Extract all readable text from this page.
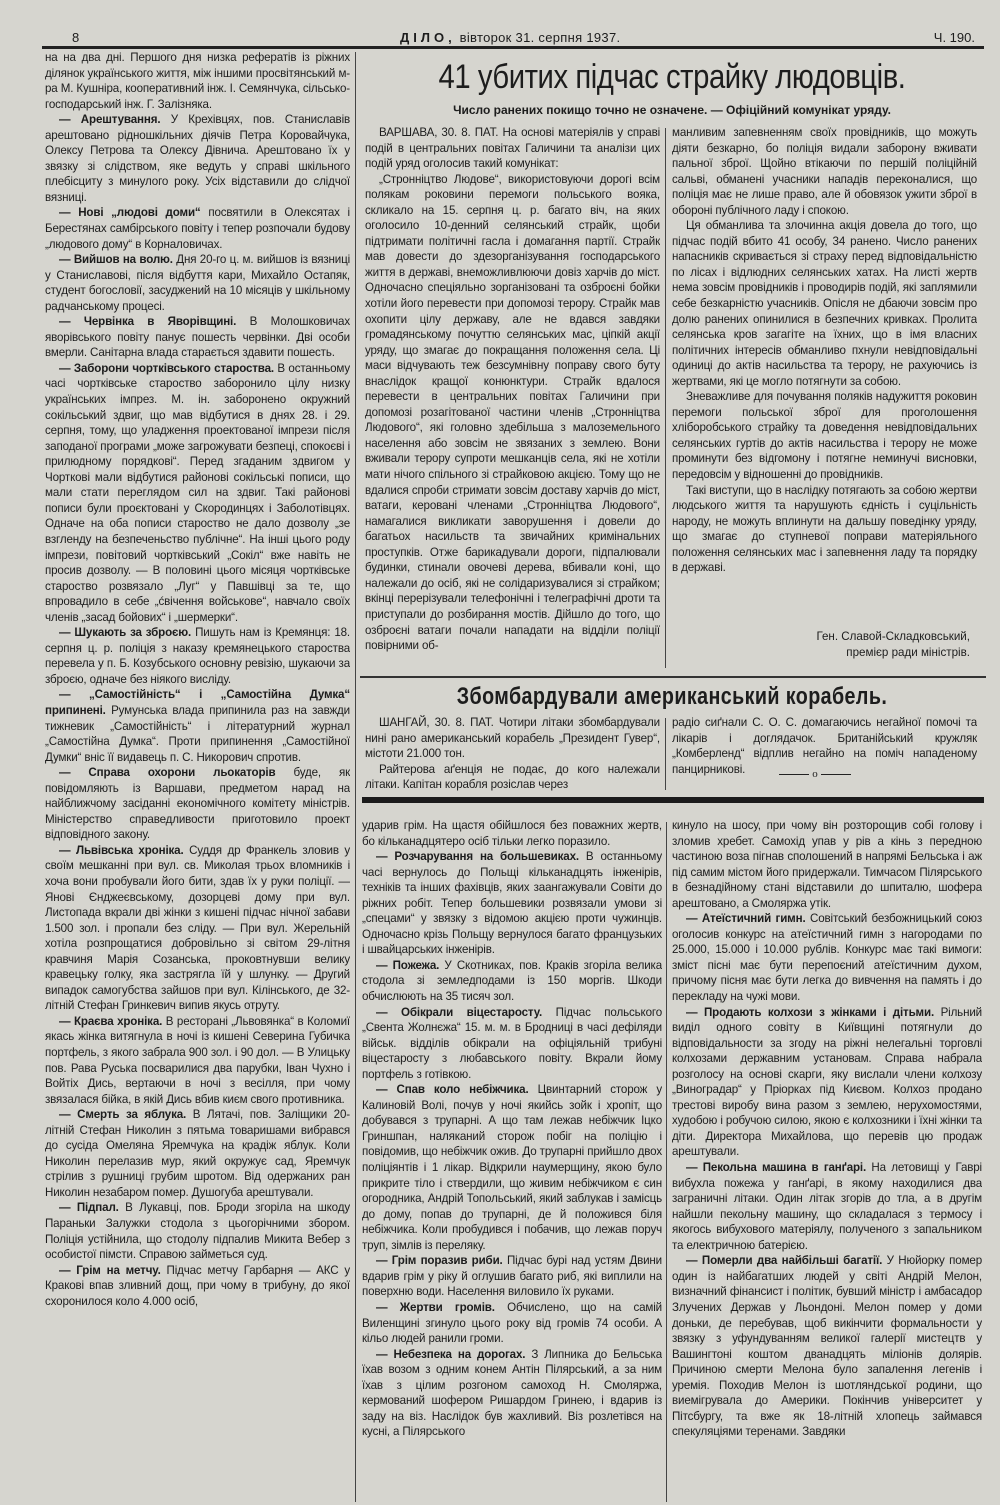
8	ДІЛО, вівторок 31. серпня 1937.	Ч. 190.

на на два дні. Першого дня низка рефератів із ріжних ділянок українського життя, між іншими просвітянський м-ра М. Кушніра, кооперативний інж. І. Семянчука, сільсько-господарський інж. Г. Залізняка.

— Арештування. У Крехівцях, пов. Станиславів арештовано рідношкільних діячів Петра Коровайчука, Олексу Петрова та Олексу Дівнича. Арештовано їх у звязку зі слідством, яке ведуть у справі шкільного плебісциту з минулого року. Усіх відставили до слідчої вязниці.

— Нові „людові доми“ посвятили в Олексятах і Берестянах самбірського повіту і тепер розпочали будову „людового дому“ в Корналовичах.

— Вийшов на волю. Дня 20-го ц. м. вийшов із вязниці у Станиславові, після відбуття кари, Михайло Остапяк, студент богословії, засуджений на 10 місяців у шкільному радчанському процесі.

— Червінка в Яворівщині. В Молошковичах яворівського повіту панує пошесть червінки. Дві особи вмерли. Санітарна влада старається здавити пошесть.

— Заборони чортківського староства. В останньому часі чортківське староство заборонило цілу низку українських імпрез. М. ін. заборонено окружний сокільський здвиг, що мав відбутися в днях 28. і 29. серпня, тому, що уладження проектованої імпрези після заподаної програми „може загрожувати безпеці, спокоєві і прилюдному порядкові“. Перед згаданим здвигом у Чорткові мали відбутися районові сокільські пописи, що мали стати переглядом сил на здвиг. Такі районові пописи були проєктовані у Скородинцях і Заболотівцях. Одначе на оба пописи староство не дало дозволу „зе взгленду на безпеченьство публічне“. На інші цього роду імпрези, повітовий чортківський „Сокіл“ вже навіть не просив дозволу. — В половині цього місяця чортківське староство розвязало „Луг“ у Павшівці за те, що впровадило в себе „ćвічення войськове“, навчало своїх членів „засад бойових“ і „шермерки“.

— Шукають за зброєю. Пишуть нам із Кремянця: 18. серпня ц. р. поліція з наказу кремянецького староства перевела у п. Б. Козубського основну ревізію, шукаючи за зброєю, одначе без ніякого висліду.

— „Самостійність“ і „Самостійна Думка“ припинені. Румунська влада припинила раз на завжди тижневик „Самостійність“ і літературний журнал „Самостійна Думка“. Проти припинення „Самостійної Думки“ вніс її видавець п. С. Никорович спротив.

— Справа охорони льокаторів буде, як повідомляють із Варшави, предметом нарад на найближчому засіданні економічного комітету міністрів. Міністерство справедливости приготовило проект відповідного закону.

— Львівська хроніка. Суддя др Франкель зловив у своїм мешканні при вул. св. Миколая трьох вломників і хоча вони пробували його бити, здав їх у руки поліції. — Янові Єнджеєвському, дозорцеві дому при вул. Листопада вкрали дві жінки з кишені підчас нічної забави 1.500 зол. і пропали без сліду. — При вул. Жерельній хотіла розпрощатися добровільно зі світом 29-літня кравчиня Марія Созанська, проковтнувши велику кравецьку голку, яка застрягла їй у шлунку. — Другий випадок самогубства зайшов при вул. Кілінського, де 32-літній Стефан Гринкевич випив якусь отруту.

— Краєва хроніка. В ресторані „Львовянка“ в Коломиї якась жінка витягнула в ночі із кишені Северина Губичка портфель, з якого забрала 900 зол. і 90 дол. — В Улицьку пов. Рава Руська посварилися два парубки, Іван Чухно і Войтіх Дись, вертаючи в ночі з весілля, при чому звязалася бійка, в якій Дись вбив києм свого противника.

— Смерть за яблука. В Лятачі, пов. Заліщики 20-літній Стефан Николин з пятьма товаришами вибрався до сусіда Омеляна Яремчука на крадіж яблук. Коли Николин перелазив мур, який окружує сад, Яремчук стрілив з рушниці грубим шротом. Від одержаних ран Николин незабаром помер. Душогуба арештували.

— Підпал. В Лукавці, пов. Броди згоріла на шкоду Параньки Залужки стодола з цьогорічними збором. Поліція устійнила, що стодолу підпалив Микита Вебер з особистої пімсти. Справою займеться суд.

— Грім на метчу. Підчас метчу Гарбарня — АКС у Кракові впав зливний дощ, при чому в трибуну, до якої схоронилося коло 4.000 осіб,

41 убитих підчас страйку людовців.
Число ранених покищо точно не означене. — Офіційний комунікат уряду.

ВАРШАВА, 30. 8. ПАТ. На основі матеріялів у справі подій в центральних повітах Галичини та аналізи цих подій уряд оголосив такий комунікат:

„Стронніцтво Людове“, використовуючи дорогі всім полякам роковини перемоги польського вояка, скликало на 15. серпня ц. р. багато віч, на яких оголосило 10-денний селянський страйк, щоби підтримати політичні гасла і домагання партії. Страйк мав довести до здезорганізування господарського життя в державі, внеможливлюючи довіз харчів до міст. Одночасно спеціяльно зорганізовані та озброєні бойки хотіли його перевести при допомозі терору. Страйк мав охопити цілу державу, але не вдався завдяки громадянському почуттю селянських мас, ціпкій акції уряду, що змагає до покращання положення села. Ці маси відчувають теж безсумнівну поправу свого буту внаслідок кращої конюнктури. Страйк вдалося перевести в центральних повітах Галичини при допомозі розагітованої частини членів „Стронніцтва Людового“, які головно здебільша з малоземельного населення або зовсім не звязаних з землею. Вони вживали терору супроти мешканців села, які не хотіли мати нічого спільного зі страйковою акцією. Тому що не вдалися спроби стримати зовсім доставу харчів до міст, ватаги, керовані членами „Стронніцтва Людового“, намагалися викликати заворушення і довели до багатьох насильств та звичайних кримінальних проступків. Отже барикадували дороги, підпалювали будинки, стинали овочеві дерева, вбивали коні, що належали до осіб, які не солідаризувалися зі страйком; вкінці перерізували телефонічні і телеграфічні дроти та приступали до розбирання мостів. Дійшло до того, що озброєні ватаги почали нападати на відділи поліції повірними об-

манливим запевненням своїх провідників, що можуть діяти безкарно, бо поліція видали заборону вживати пальної зброї. Щойно втікаючи по першій поліційній сальві, обманені учасники нападів переконалися, що поліція має не лише право, але й обовязок ужити зброї в обороні публічного ладу і спокою.

Ця обманлива та злочинна акція довела до того, що підчас подій вбито 41 особу, 34 ранено. Число ранених напасників скривається зі страху перед відповідальністю по лісах і відлюдних селянських хатах. На листі жертв нема зовсім провідників і проводирів подій, які заплямили себе безкарністю учасників. Опісля не дбаючи зовсім про долю ранених опинилися в безпечних кривках. Пролита селянська кров загагіте на їхних, що в імя власних політичних інтересів обманливо пхнули невідповідальні одиниці до актів насильства та терору, не рахуючись із жертвами, які це могло потягнути за собою.

Зневажливе для почування поляків надужиття роковин перемоги польської зброї для проголошення хліборобського страйку та доведення невідповідальних селянських гуртів до актів насильства і терору не може проминути без відгомону і потягне неминучі висновки, передовсім у відношенні до провідників.

Такі виступи, що в наслідку потягають за собою жертви людського життя та нарушують єдність і суцільність народу, не можуть вплинути на дальшу поведінку уряду, що змагає до ступневої поправи матеріяльного положення селянських мас і запевнення ладу та порядку в державі.

Ген. Славой-Складковський,
премієр ради міністрів.
Збомбардували американський корабель.

ШАНГАЙ, 30. 8. ПАТ. Чотири літаки збомбардували нині рано американський корабель „Президент Гувер“, містоти 21.000 тон.

Райтерова аґенція не подає, до кого належали літаки. Капітан корабля розіслав через

радіо сиґнали С. О. С. домагаючись негайної помочі та лікарів і доглядачок. Британійський кружляк „Комберленд“ відплив негайно на поміч нападеному панцирникові.	o

ударив грім. На щастя обійшлося без поважних жертв, бо кільканадцятеро осіб тільки легко поразило.

— Розчарування на большевиках. В останньому часі вернулось до Польщі кільканадцять інженірів, техніків та інших фахівців, яких заангажували Совіти до ріжних робіт. Тепер большевики розвязали умови зі „спецами“ у звязку з відомою акцією проти чужинців. Одночасно крізь Польщу вернулося багато французьких і швайцарських інженірів.

— Пожежа. У Скотниках, пов. Краків згоріла велика стодола зі земледподами із 150 моргів. Шкоди обчислюють на 35 тисяч зол.

— Обікрали віцестаросту. Підчас польського „Свента Жолнєжа“ 15. м. м. в Бродниці в часі дефіляди військ. відділів обікрали на офіціяльній трибуні віцестаросту з любавського повіту. Вкрали йому портфель з готівкою.

— Спав коло небіжчика. Цвинтарний сторож у Калиновій Волі, почув у ночі якийсь зойк і хропіт, що добувався з трупарні. А що там лежав небіжчик Іцко Гриншпан, наляканий сторож побіг на поліцію і повідомив, що небіжчик ожив. До трупарні прийшло двох поліціянтів і 1 лікар. Відкрили наумерщину, якою було прикрите тіло і ствердили, що живим небіжчиком є син огородника, Андрій Топольський, який заблукав і замісць до дому, попав до трупарні, де й положився біля небіжчика. Коли пробудився і побачив, що лежав поруч труп, зімлів із переляку.

— Грім поразив риби. Підчас бурі над устям Двини вдарив грім у ріку й оглушив багато риб, які виплили на поверхню води. Населення виловило їх руками.

— Жертви громів. Обчислено, що на самій Виленщині згинуло цього року від громів 74 особи. А кільо людей ранили громи.

— Небезпека на дорогах. З Липника до Бельська їхав возом з одним конем Антін Пілярський, а за ним їхав з цілим розгоном самоход Н. Смоляржа, кермований шофером Ришардом Гринею, і вдарив із заду на віз. Наслідок був жахливий. Віз розлетівся на кусні, а Пілярського

кинуло на шосу, при чому він розторощив собі голову і зломив хребет. Самохід упав у рів а кінь з передною частиною воза пігнав сполошений в напрямі Бельська і аж під самим містом його придержали. Тимчасом Пілярського в безнадійному стані відставили до шпиталю, шофера арештовано, а Смоляржа утік.

— Атеїстичний гимн. Совітський безбожницький союз оголосив конкурс на атеїстичний гимн з нагородами по 25.000, 15.000 і 10.000 рублів. Конкурс має такі вимоги: зміст пісні має бути перепоєний атеїстичним духом, причому пісня має бути легка до вивчення на память і до перекладу на чужі мови.

— Продають колхози з жінками і дітьми. Рільний виділ одного совіту в Київщині потягнули до відповідальности за згоду на ріжні нелегальні торговлі колхозами державним установам. Справа набрала розголосу на основі скарги, яку вислали члени колхозу „Виноградар“ у Пріорках під Києвом. Колхоз продано трестові виробу вина разом з землею, нерухомостями, худобою і робучою силою, якою є колхозники і їхні жінки та діти. Директора Михайлова, що перевів цю продаж арештували.

— Пекольна машина в ганґарі. На летовищі у Гаврі вибухла пожежа у ганґарі, в якому находилися два заграничні літаки. Один літак згорів до тла, а в другім найшли пекольну машину, що складалася з термосу і якогось вибухового матеріялу, полученого з запальником та електричною батерією.

— Померли два найбільші багатії. У Нюйорку помер один із найбагатших людей у світі Андрій Мелон, визначний фінансист і політик, бувший міністр і амбасадор Злучених Держав у Льондоні. Мелон помер у доми доньки, де перебував, щоб викінчити формальности у звязку з уфундуванням великої галерії мистецтв у Вашингтоні коштом дванадцять міліонів долярів. Причиною смерти Мелона було запалення легенів і уремія. Походив Мелон із шотляндської родини, що виемігрувала до Америки. Покінчив університет у Пітсбургу, та вже як 18-літній хлопець займався спекуляціями теренами. Завдяки
